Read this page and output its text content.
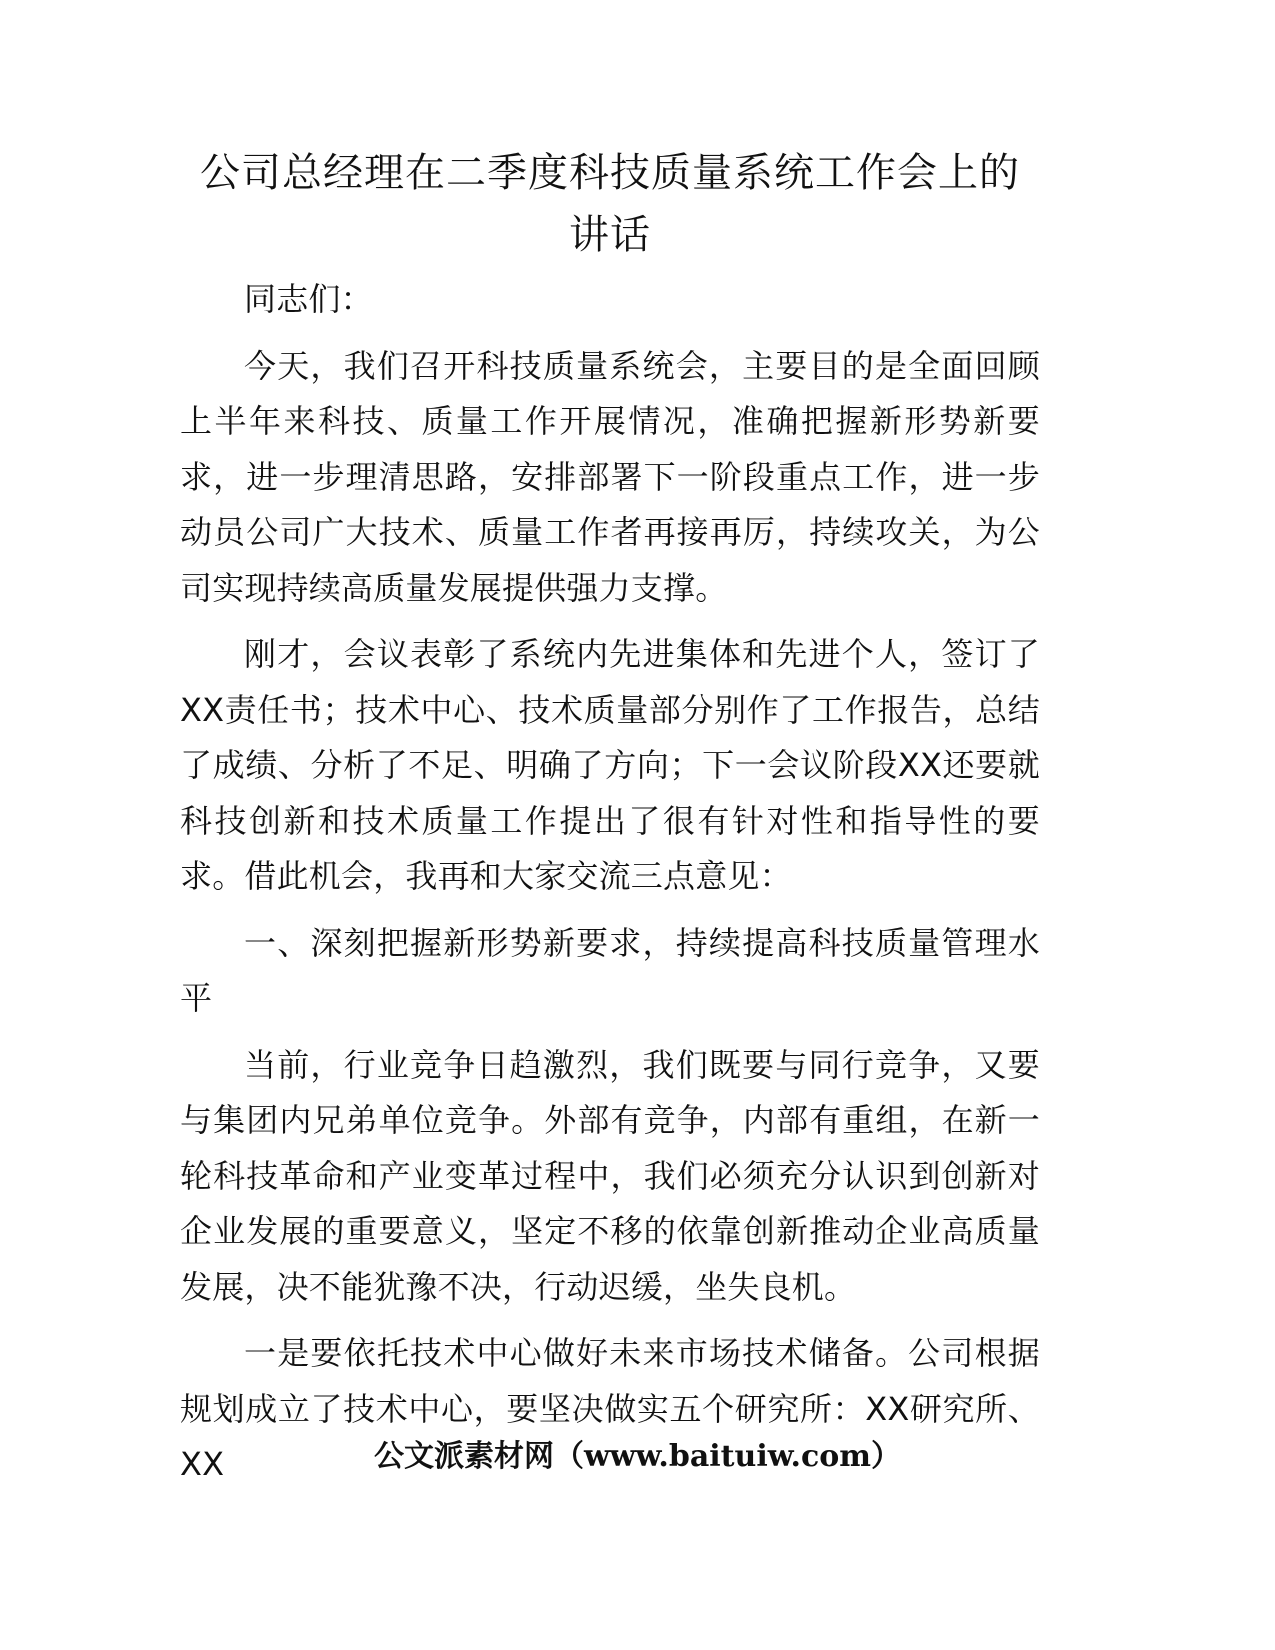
公司总经理在二季度科技质量系统工作会上的讲话

同志们：

今天，我们召开科技质量系统会，主要目的是全面回顾上半年来科技、质量工作开展情况，准确把握新形势新要求，进一步理清思路，安排部署下一阶段重点工作，进一步动员公司广大技术、质量工作者再接再厉，持续攻关，为公司实现持续高质量发展提供强力支撑。

刚才，会议表彰了系统内先进集体和先进个人，签订了XX责任书；技术中心、技术质量部分别作了工作报告，总结了成绩、分析了不足、明确了方向；下一会议阶段XX还要就科技创新和技术质量工作提出了很有针对性和指导性的要求。借此机会，我再和大家交流三点意见：

一、深刻把握新形势新要求，持续提高科技质量管理水平

当前，行业竞争日趋激烈，我们既要与同行竞争，又要与集团内兄弟单位竞争。外部有竞争，内部有重组，在新一轮科技革命和产业变革过程中，我们必须充分认识到创新对企业发展的重要意义，坚定不移的依靠创新推动企业高质量发展，决不能犹豫不决，行动迟缓，坐失良机。

一是要依托技术中心做好未来市场技术储备。公司根据规划成立了技术中心，要坚决做实五个研究所：XX研究所、XX	公文派素材网（www.baituiw.com）
